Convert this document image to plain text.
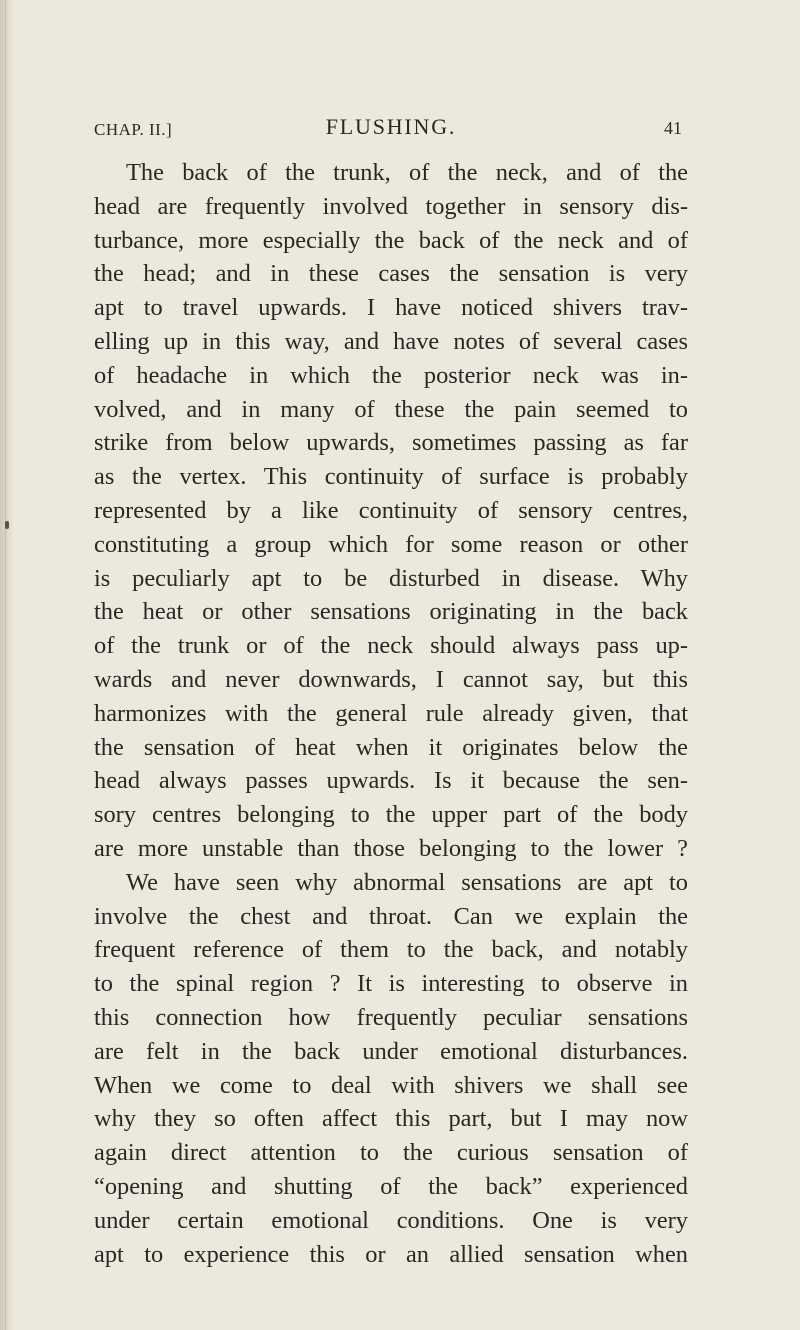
CHAP. II.]	FLUSHING.	41
The back of the trunk, of the neck, and of the
head are frequently involved together in sensory dis-
turbance, more especially the back of the neck and of
the head; and in these cases the sensation is very
apt to travel upwards. I have noticed shivers trav-
elling up in this way, and have notes of several cases
of headache in which the posterior neck was in-
volved, and in many of these the pain seemed to
strike from below upwards, sometimes passing as far
as the vertex. This continuity of surface is probably
represented by a like continuity of sensory centres,
constituting a group which for some reason or other
is peculiarly apt to be disturbed in disease. Why
the heat or other sensations originating in the back
of the trunk or of the neck should always pass up-
wards and never downwards, I cannot say, but this
harmonizes with the general rule already given, that
the sensation of heat when it originates below the
head always passes upwards. Is it because the sen-
sory centres belonging to the upper part of the body
are more unstable than those belonging to the lower ?
We have seen why abnormal sensations are apt to
involve the chest and throat. Can we explain the
frequent reference of them to the back, and notably
to the spinal region ? It is interesting to observe in
this connection how frequently peculiar sensations
are felt in the back under emotional disturbances.
When we come to deal with shivers we shall see
why they so often affect this part, but I may now
again direct attention to the curious sensation of
“opening and shutting of the back” experienced
under certain emotional conditions. One is very
apt to experience this or an allied sensation when
